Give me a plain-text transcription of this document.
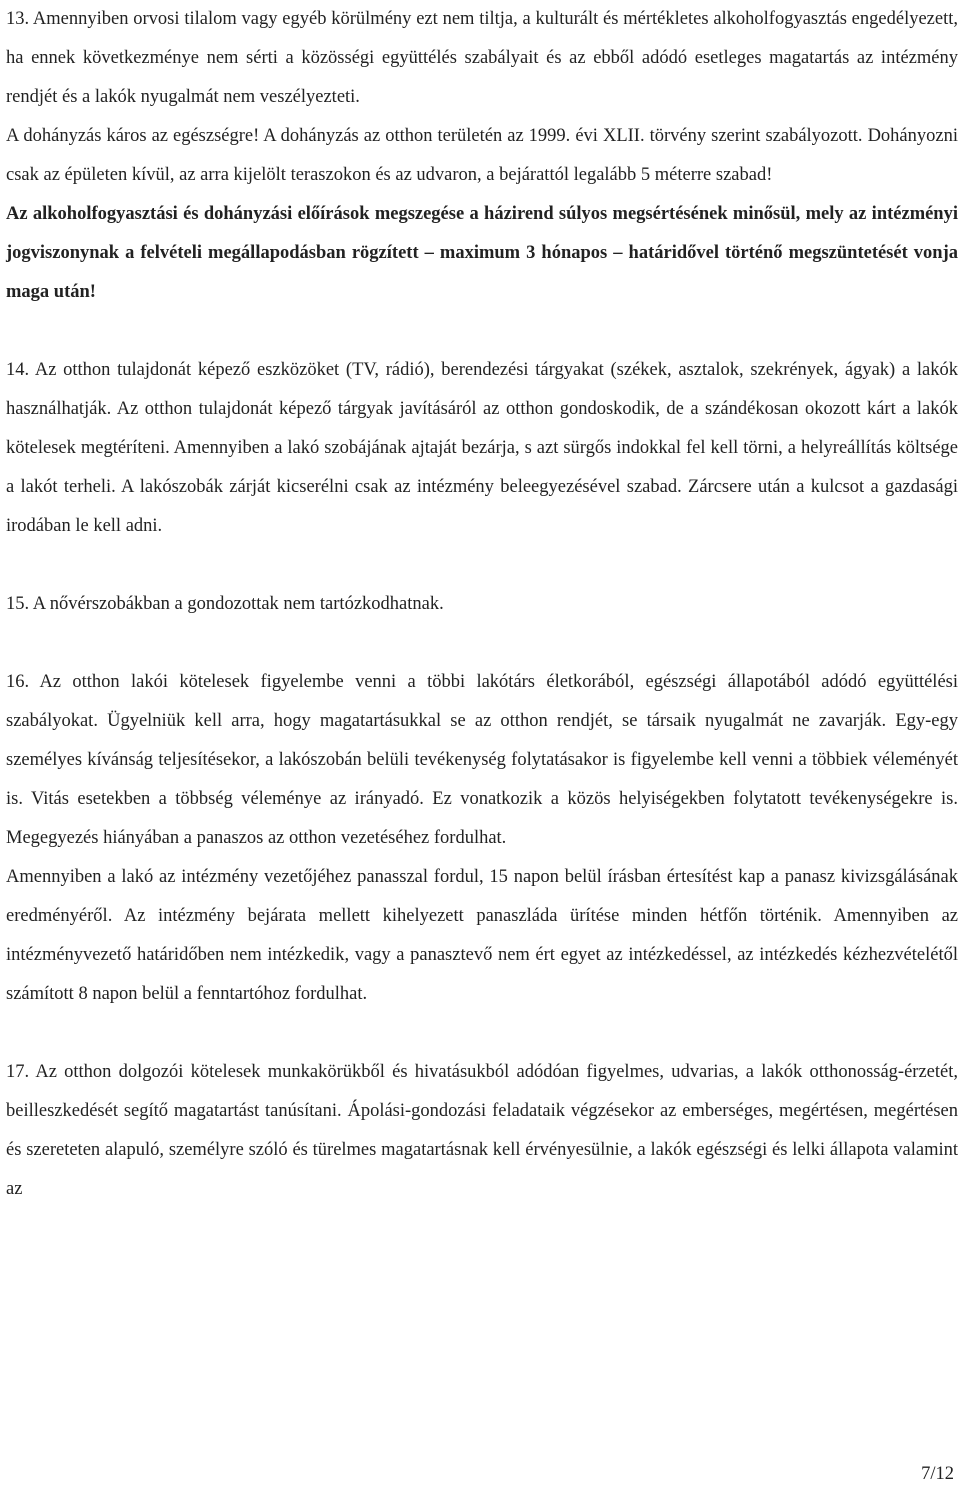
13. Amennyiben orvosi tilalom vagy egyéb körülmény ezt nem tiltja, a kulturált és mértékletes alkoholfogyasztás engedélyezett, ha ennek következménye nem sérti a közösségi együttélés szabályait és az ebből adódó esetleges magatartás az intézmény rendjét és a lakók nyugalmát nem veszélyezteti.

A dohányzás káros az egészségre! A dohányzás az otthon területén az 1999. évi XLII. törvény szerint szabályozott. Dohányozni csak az épületen kívül, az arra kijelölt teraszokon és az udvaron, a bejárattól legalább 5 méterre szabad!

Az alkoholfogyasztási és dohányzási előírások megszegése a házirend súlyos megsértésének minősül, mely az intézményi jogviszonynak a felvételi megállapodásban rögzített – maximum 3 hónapos – határidővel történő megszüntetését vonja maga után!

14. Az otthon tulajdonát képező eszközöket (TV, rádió), berendezési tárgyakat (székek, asztalok, szekrények, ágyak) a lakók használhatják. Az otthon tulajdonát képező tárgyak javításáról az otthon gondoskodik, de a szándékosan okozott kárt a lakók kötelesek megtéríteni. Amennyiben a lakó szobájának ajtaját bezárja, s azt sürgős indokkal fel kell törni, a helyreállítás költsége a lakót terheli. A lakószobák zárját kicserélni csak az intézmény beleegyezésével szabad. Zárcsere után a kulcsot a gazdasági irodában le kell adni.

15. A nővérszobákban a gondozottak nem tartózkodhatnak.

16. Az otthon lakói kötelesek figyelembe venni a többi lakótárs életkorából, egészségi állapotából adódó együttélési szabályokat. Ügyelniük kell arra, hogy magatartásukkal se az otthon rendjét, se társaik nyugalmát ne zavarják. Egy-egy személyes kívánság teljesítésekor, a lakószobán belüli tevékenység folytatásakor is figyelembe kell venni a többiek véleményét is. Vitás esetekben a többség véleménye az irányadó. Ez vonatkozik a közös helyiségekben folytatott tevékenységekre is. Megegyezés hiányában a panaszos az otthon vezetéséhez fordulhat.

Amennyiben a lakó az intézmény vezetőjéhez panasszal fordul, 15 napon belül írásban értesítést kap a panasz kivizsgálásának eredményéről. Az intézmény bejárata mellett kihelyezett panaszláda ürítése minden hétfőn történik. Amennyiben az intézményvezető határidőben nem intézkedik, vagy a panasztevő nem ért egyet az intézkedéssel, az intézkedés kézhezvételétől számított 8 napon belül a fenntartóhoz fordulhat.

17. Az otthon dolgozói kötelesek munkakörükből és hivatásukból adódóan figyelmes, udvarias, a lakók otthonosság-érzetét, beilleszkedését segítő magatartást tanúsítani. Ápolási-gondozási feladataik végzésekor az emberséges, megértésen, megértésen és szereteten alapuló, személyre szóló és türelmes magatartásnak kell érvényesülnie, a lakók egészségi és lelki állapota valamint az

7/12
